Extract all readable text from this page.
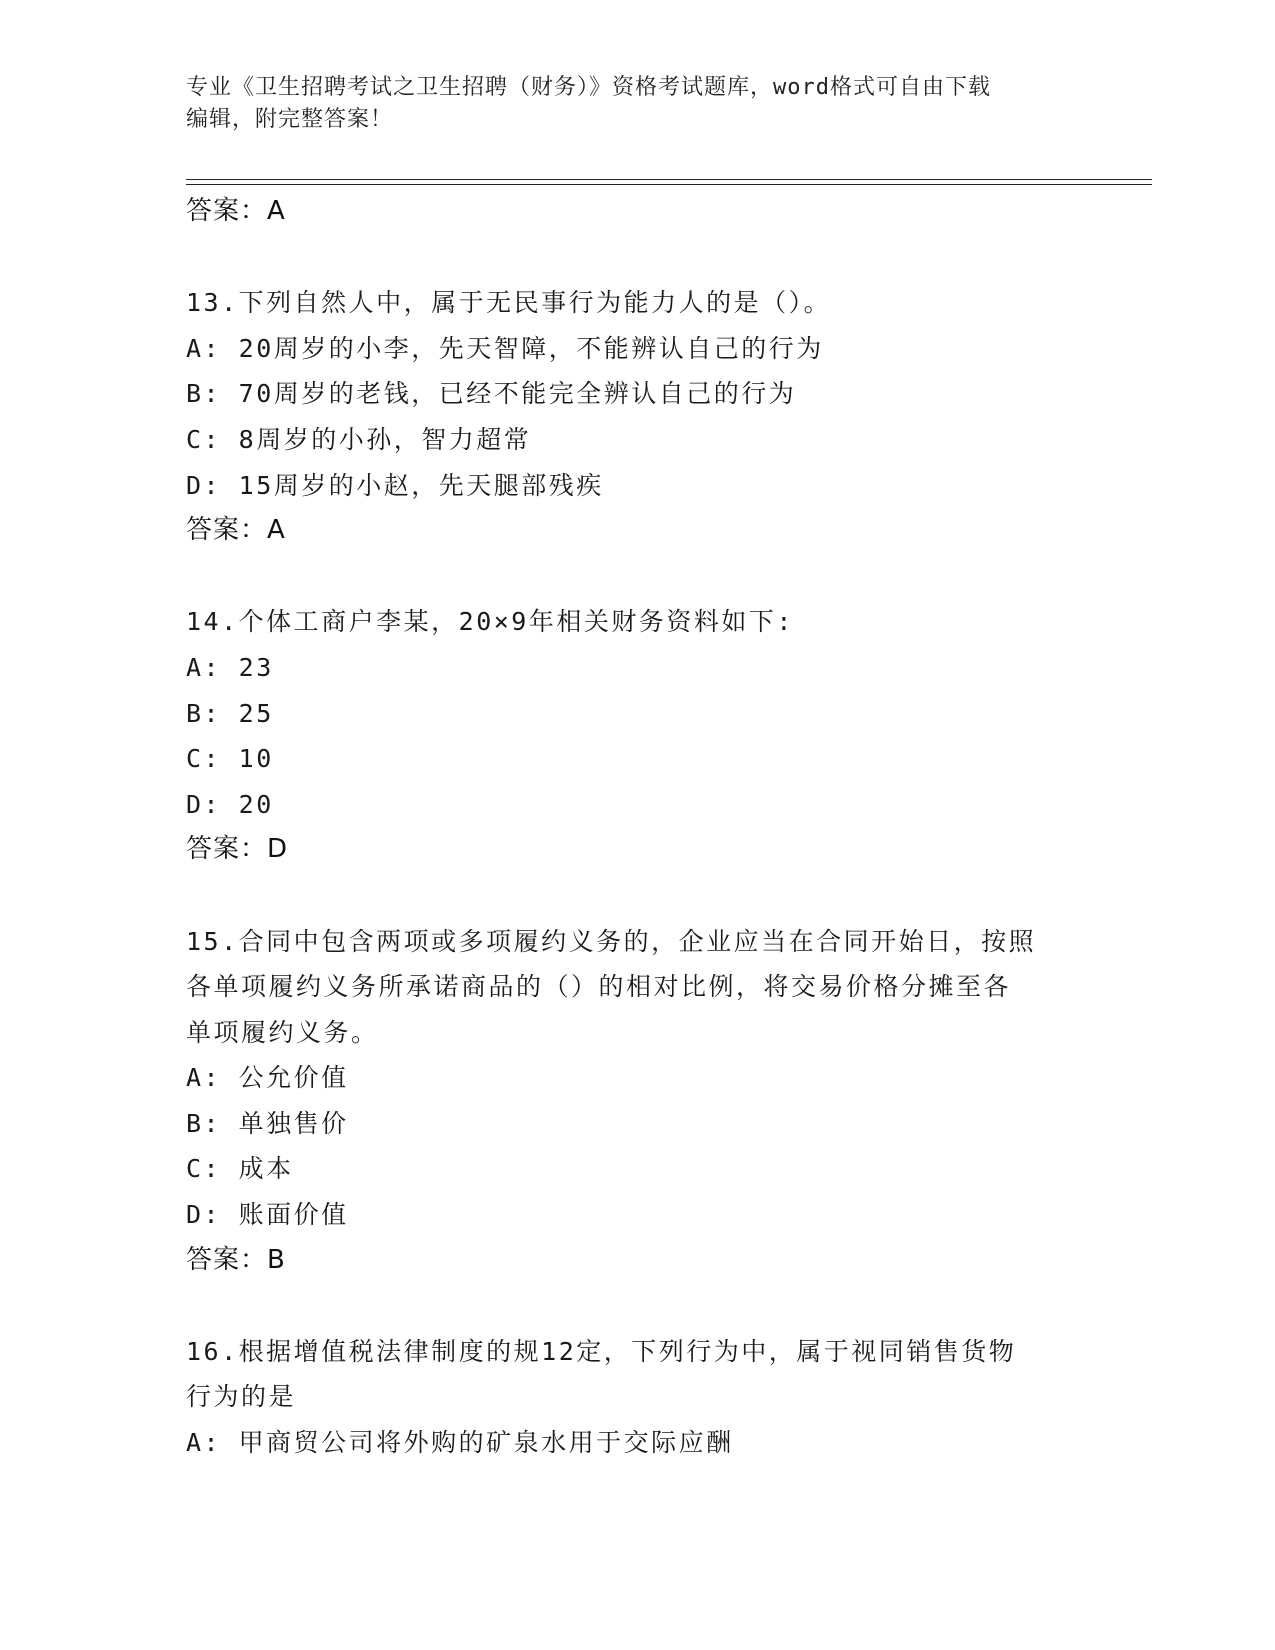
专业《卫生招聘考试之卫生招聘（财务）》资格考试题库，word格式可自由下载
编辑，附完整答案！
答案：A
13.下列自然人中，属于无民事行为能力人的是（）。
A: 20周岁的小李，先天智障，不能辨认自己的行为
B: 70周岁的老钱，已经不能完全辨认自己的行为
C: 8周岁的小孙，智力超常
D: 15周岁的小赵，先天腿部残疾
答案：A
14.个体工商户李某，20×9年相关财务资料如下:
A: 23
B: 25
C: 10
D: 20
答案：D
15.合同中包含两项或多项履约义务的，企业应当在合同开始日，按照
各单项履约义务所承诺商品的（）的相对比例，将交易价格分摊至各
单项履约义务。
A: 公允价值
B: 单独售价
C: 成本
D: 账面价值
答案：B
16.根据增值税法律制度的规12定，下列行为中，属于视同销售货物
行为的是
A: 甲商贸公司将外购的矿泉水用于交际应酬
